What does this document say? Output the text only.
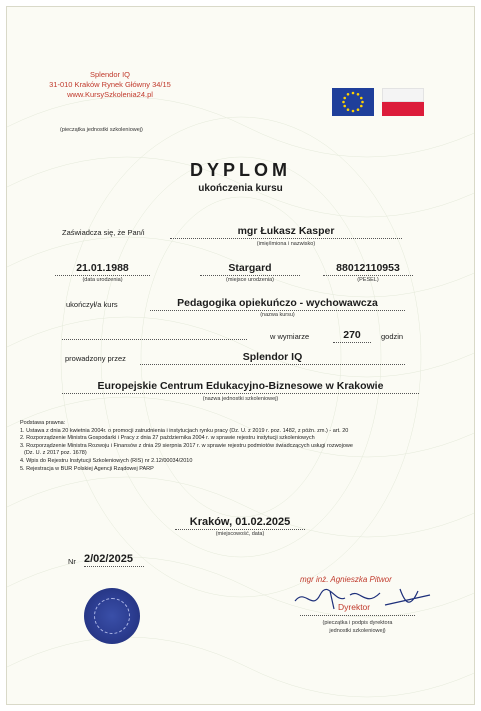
Splendor IQ
31-010 Kraków Rynek Główny 34/15
www.KursySzkolenia24.pl
(pieczątka jednostki szkoleniowej)
DYPLOM
ukończenia kursu
Zaświadcza się, że Pan/i	mgr Łukasz Kasper
(imię/imiona i nazwisko)
21.01.1988
(data urodzenia)
Stargard
(miejsce urodzenia)
88012110953
(PESEL)
ukończył/a kurs	Pedagogika opiekuńczo - wychowawcza
(nazwa kursu)
w wymiarze	270	godzin
prowadzony przez	Splendor IQ
Europejskie Centrum Edukacyjno-Biznesowe w Krakowie
(nazwa jednostki szkoleniowej)
Podstawa prawna:
1. Ustawa z dnia 20 kwietnia 2004r. o promocji zatrudnienia i instytucjach rynku pracy (Dz. U. z 2019 r. poz. 1482, z późn. zm.) - art. 20
2. Rozporządzenie Ministra Gospodarki i Pracy z dnia 27 października 2004 r. w sprawie rejestru instytucji szkoleniowych
3. Rozporządzenie Ministra Rozwoju i Finansów z dnia 29 sierpnia 2017 r. w sprawie rejestru podmiotów świadczących usługi rozwojowe
(Dz. U. z 2017 poz. 1678)
4. Wpis do Rejestru Instytucji Szkoleniowych (RIS) nr 2.12/00034/2010
5. Rejestracja w BUR Polskiej Agencji Rządowej PARP
Kraków, 01.02.2025
(miejscowość, data)
Nr 2/02/2025
mgr inż. Agnieszka Pitwor
Dyrektor
(pieczątka i podpis dyrektora
jednostki szkoleniowej)
